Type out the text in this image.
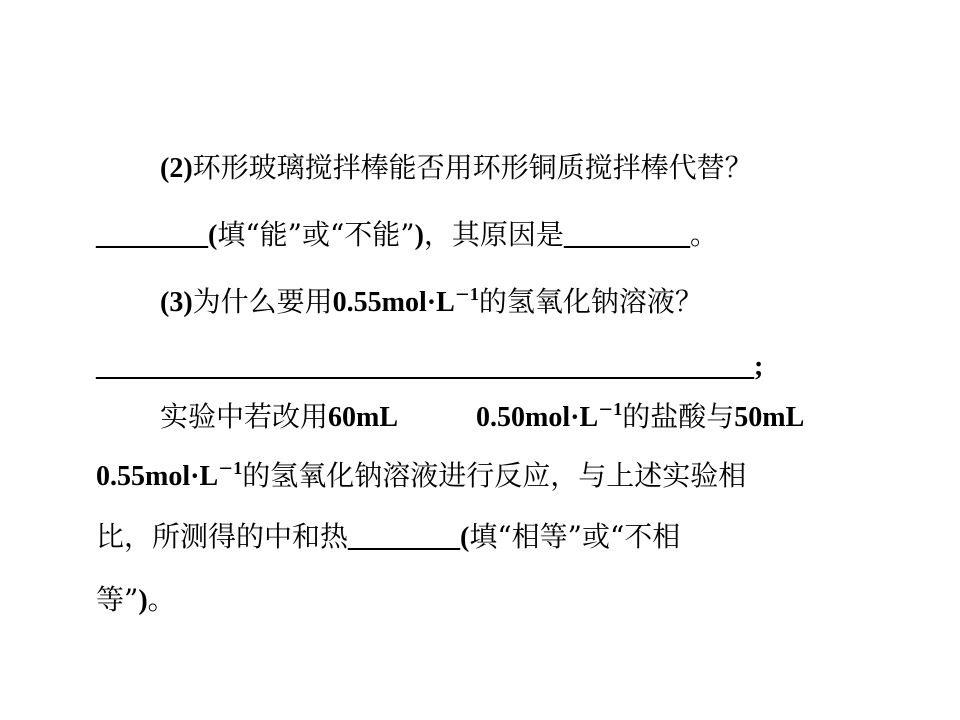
(2)环形玻璃搅拌棒能否用环形铜质搅拌棒代替？
________(填“能”或“不能”)，其原因是_________。
(3)为什么要用$0.55mol\cdot L^{-1}$的氢氧化钠溶液？
_______________________________________________;
实验中若改用60mL	$0.50mol\cdot L^{-1}$的盐酸与50mL
$0.55mol\cdot L^{-1}$的氢氧化钠溶液进行反应，与上述实验相
比，所测得的中和热________(填“相等”或“不相
等”)。
